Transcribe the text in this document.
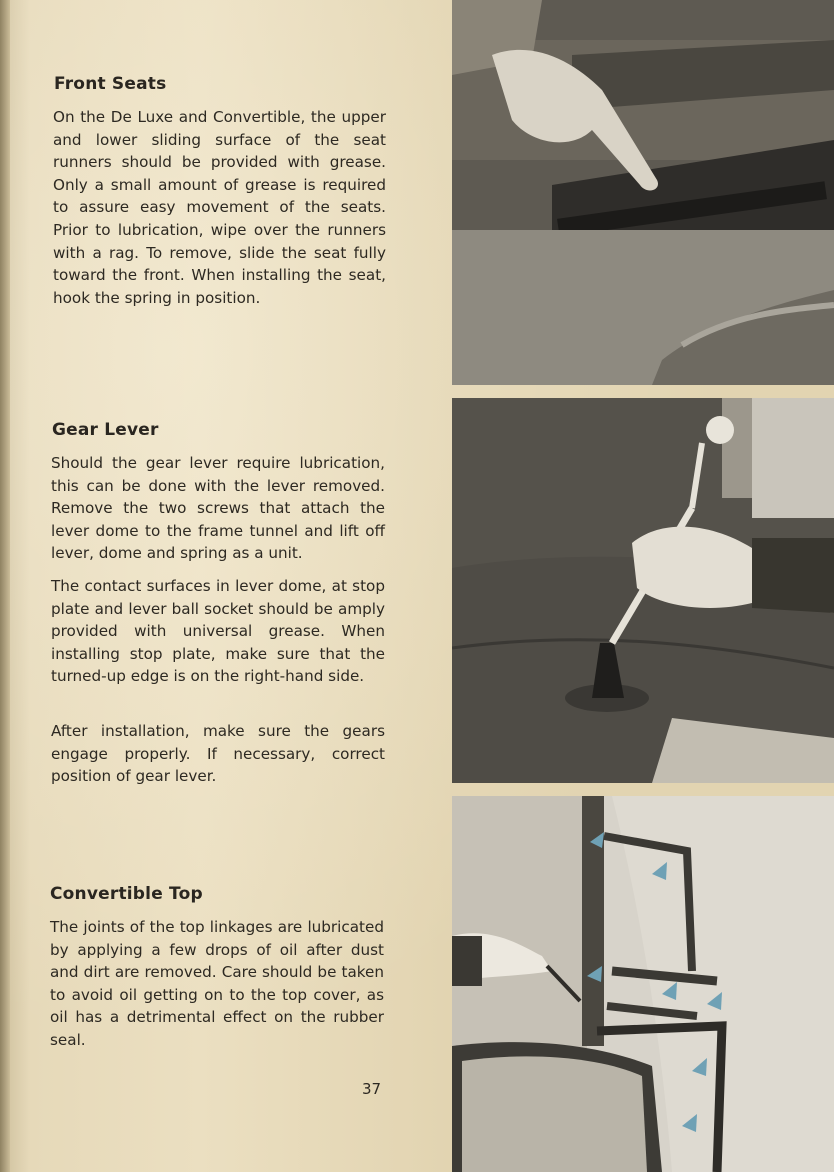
Front Seats

On the De Luxe and Convertible, the upper and lower sliding surface of the seat runners should be provided with grease. Only a small amount of grease is required to assure easy movement of the seats. Prior to lubrication, wipe over the runners with a rag. To remove, slide the seat fully toward the front. When installing the seat, hook the spring in position.

Gear Lever

Should the gear lever require lubrication, this can be done with the lever removed. Remove the two screws that attach the lever dome to the frame tunnel and lift off lever, dome and spring as a unit.

The contact surfaces in lever dome, at stop plate and lever ball socket should be amply provided with universal grease. When installing stop plate, make sure that the turned-up edge is on the right-hand side.

After installation, make sure the gears engage properly. If necessary, correct position of gear lever.

Convertible Top

The joints of the top linkages are lubricated by applying a few drops of oil after dust and dirt are removed. Care should be taken to avoid oil getting on to the top cover, as oil has a detrimental effect on the rubber seal.

37
